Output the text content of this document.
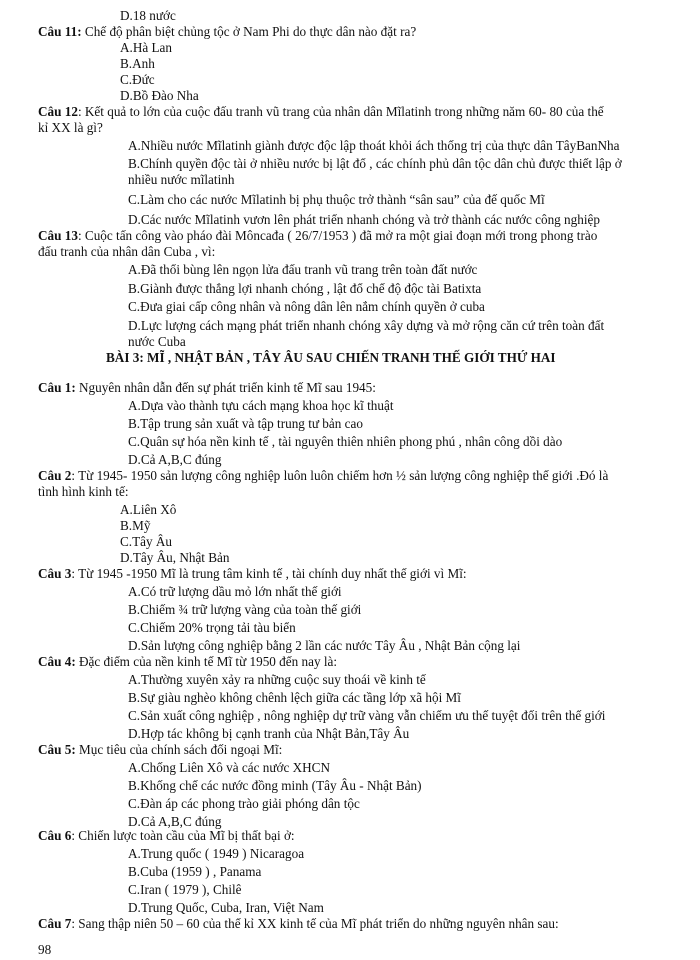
D.18 nước
Câu 11: Chế độ phân biệt chủng tộc ở Nam Phi do thực dân nào đặt ra?
A.Hà Lan
B.Anh
C.Đức
D.Bồ Đào Nha
Câu 12: Kết quả to lớn của cuộc đấu tranh vũ trang của nhân dân Mĩlatinh trong những năm 60- 80 của thế
kỉ XX là gì?
A.Nhiều nước Mĩlatinh giành được độc lập thoát khỏi ách thống trị của thực dân TâyBanNha
B.Chính quyền độc tài ở nhiều nước bị lật đổ , các chính phủ dân tộc dân chủ được thiết lập ở
nhiều nước mĩlatinh
C.Làm cho các nước Mĩlatinh bị phụ thuộc trở thành “sân sau” của đế quốc Mĩ
D.Các nước Mĩlatinh vươn lên phát triển nhanh chóng và trở thành các nước công nghiệp
Câu 13: Cuộc tấn công vào pháo đài Môncađa ( 26/7/1953 ) đã mở ra một giai đoạn mới trong phong trào
đấu tranh của nhân dân Cuba , vì:
A.Đã thổi bùng lên ngọn lửa đấu tranh vũ trang trên toàn đất nước
B.Giành được thắng lợi nhanh chóng , lật đổ chế độ độc tài Batixta
C.Đưa giai cấp công nhân và nông dân lên nắm chính quyền ở cuba
D.Lực lượng cách mạng phát triển nhanh chóng xây dựng và mở rộng căn cứ trên toàn đất
nước Cuba
BÀI 3: MĨ , NHẬT BẢN , TÂY ÂU SAU CHIẾN TRANH THẾ GIỚI THỨ HAI
Câu 1: Nguyên nhân dẫn đến sự phát triển kinh tế Mĩ sau 1945:
A.Dựa vào thành tựu cách mạng khoa học kĩ thuật
B.Tập trung sản xuất và tập trung tư bản cao
C.Quân sự hóa nền kinh tế , tài nguyên thiên nhiên phong phú , nhân công dồi dào
D.Cả A,B,C đúng
Câu 2: Từ 1945- 1950 sản lượng công nghiệp luôn luôn chiếm hơn ½ sản lượng công nghiệp thế giới .Đó là
tình hình kinh tế:
A.Liên Xô
B.Mỹ
C.Tây Âu
D.Tây Âu, Nhật Bản
Câu 3: Từ 1945 -1950 Mĩ là trung tâm kinh tế , tài chính duy nhất thế giới vì Mĩ:
A.Có trữ lượng dầu mỏ lớn nhất thế giới
B.Chiếm ¾ trữ lượng vàng của toàn thế giới
C.Chiếm 20% trọng tải tàu biển
D.Sản lượng công nghiệp bằng 2 lần các nước Tây Âu , Nhật Bản cộng lại
Câu 4: Đặc điểm của nền kinh tế Mĩ từ 1950 đến nay là:
A.Thường xuyên xảy ra những cuộc suy thoái về kinh tế
B.Sự giàu nghèo không chênh lệch giữa các tầng lớp xã hội Mĩ
C.Sản xuất công nghiệp , nông nghiệp dự trữ vàng vẫn chiếm ưu thế tuyệt đối trên thế giới
D.Hợp tác không bị cạnh tranh của Nhật Bản,Tây Âu
Câu 5: Mục tiêu của chính sách đối ngoại Mĩ:
A.Chống Liên Xô và các nước XHCN
B.Khống chế các nước đồng minh (Tây Âu - Nhật Bản)
C.Đàn áp các phong trào giải phóng dân tộc
D.Cả A,B,C đúng
Câu 6: Chiến lược toàn cầu của Mĩ bị thất bại ở:
A.Trung quốc ( 1949 ) Nicaragoa
B.Cuba (1959 ) , Panama
C.Iran ( 1979 ), Chilê
D.Trung Quốc, Cuba, Iran, Việt Nam
Câu 7: Sang thập niên 50 – 60 của thế kỉ XX kinh tế của Mĩ phát triển do những nguyên nhân sau:
98
